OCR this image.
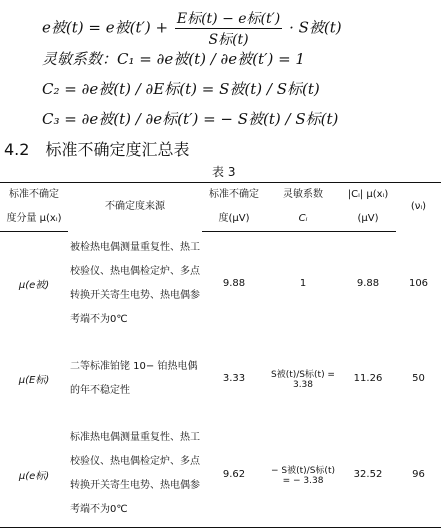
e被(t) = e被$(t') + \frac{\text{E标(t) − e标(t′)}}{\text{S标(t)}} \cdot S$被(t)
灵敏系数：C₁ = ∂e被(t) / ∂e被(t′) = 1
C₂ = ∂e被(t) / ∂E标(t) = S被(t) / S标(t)
C₃ = ∂e被(t) / ∂e标(t′) = − S被(t) / S标(t)
4.2　标准不确定度汇总表
表 3
标准不确定	不确定度来源	标准不确定	灵敏系数	|Cᵢ| μ(xᵢ)	(νᵢ)
度分量 μ(xᵢ)		度(μV)	Cᵢ	(μV)	
μ(e被)	被检热电偶测量重复性、热工校验仪、热电偶检定炉、多点转换开关寄生电势、热电偶参考端不为0℃	9.88	1	9.88	106
μ(E标)	二等标准铂铑 10− 铂热电偶的年不稳定性	3.33	S被(t)/S标(t) = 3.38	11.26	50
μ(e标)	标准热电偶测量重复性、热工校验仪、热电偶检定炉、多点转换开关寄生电势、热电偶参考端不为0℃	9.62	− S被(t)/S标(t) = − 3.38	32.52	96
